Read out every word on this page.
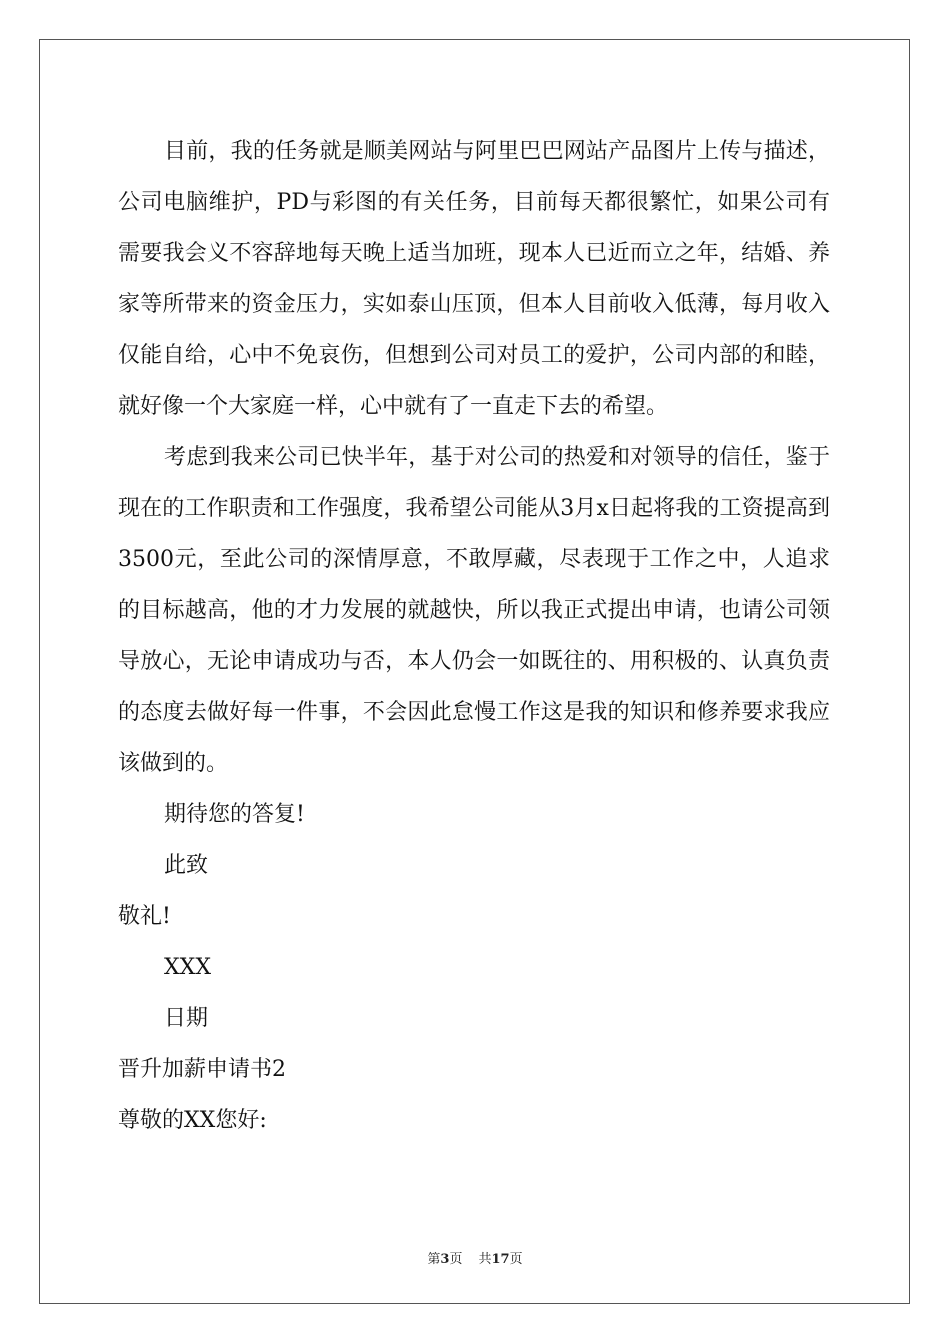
目前，我的任务就是顺美网站与阿里巴巴网站产品图片上传与描述，公司电脑维护，PD与彩图的有关任务，目前每天都很繁忙，如果公司有需要我会义不容辞地每天晚上适当加班，现本人已近而立之年，结婚、养家等所带来的资金压力，实如泰山压顶，但本人目前收入低薄，每月收入仅能自给，心中不免哀伤，但想到公司对员工的爱护，公司内部的和睦，就好像一个大家庭一样，心中就有了一直走下去的希望。

考虑到我来公司已快半年，基于对公司的热爱和对领导的信任，鉴于现在的工作职责和工作强度，我希望公司能从3月x日起将我的工资提高到3500元，至此公司的深情厚意，不敢厚藏，尽表现于工作之中，人追求的目标越高，他的才力发展的就越快，所以我正式提出申请，也请公司领导放心，无论申请成功与否，本人仍会一如既往的、用积极的、认真负责的态度去做好每一件事，不会因此怠慢工作这是我的知识和修养要求我应该做到的。

期待您的答复!

此致

敬礼!

XXX

日期

晋升加薪申请书2

尊敬的XX您好:

第3页 共17页
